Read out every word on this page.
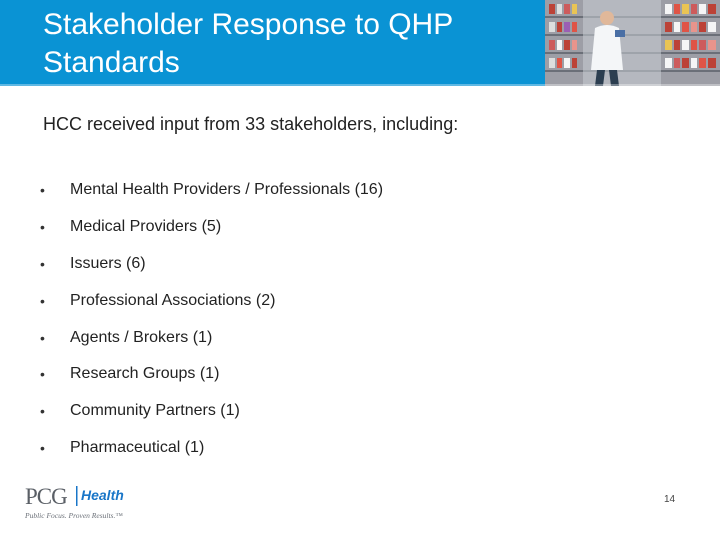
Stakeholder Response to QHP Standards

HCC received input from 33 stakeholders, including:

•	Mental Health Providers / Professionals (16)
•	Medical Providers (5)
•	Issuers (6)
•	Professional Associations (2)
•	Agents / Brokers (1)
•	Research Groups (1)
•	Community Partners (1)
•	Pharmaceutical (1)
PCG Health
Public Focus. Proven Results.™
14
